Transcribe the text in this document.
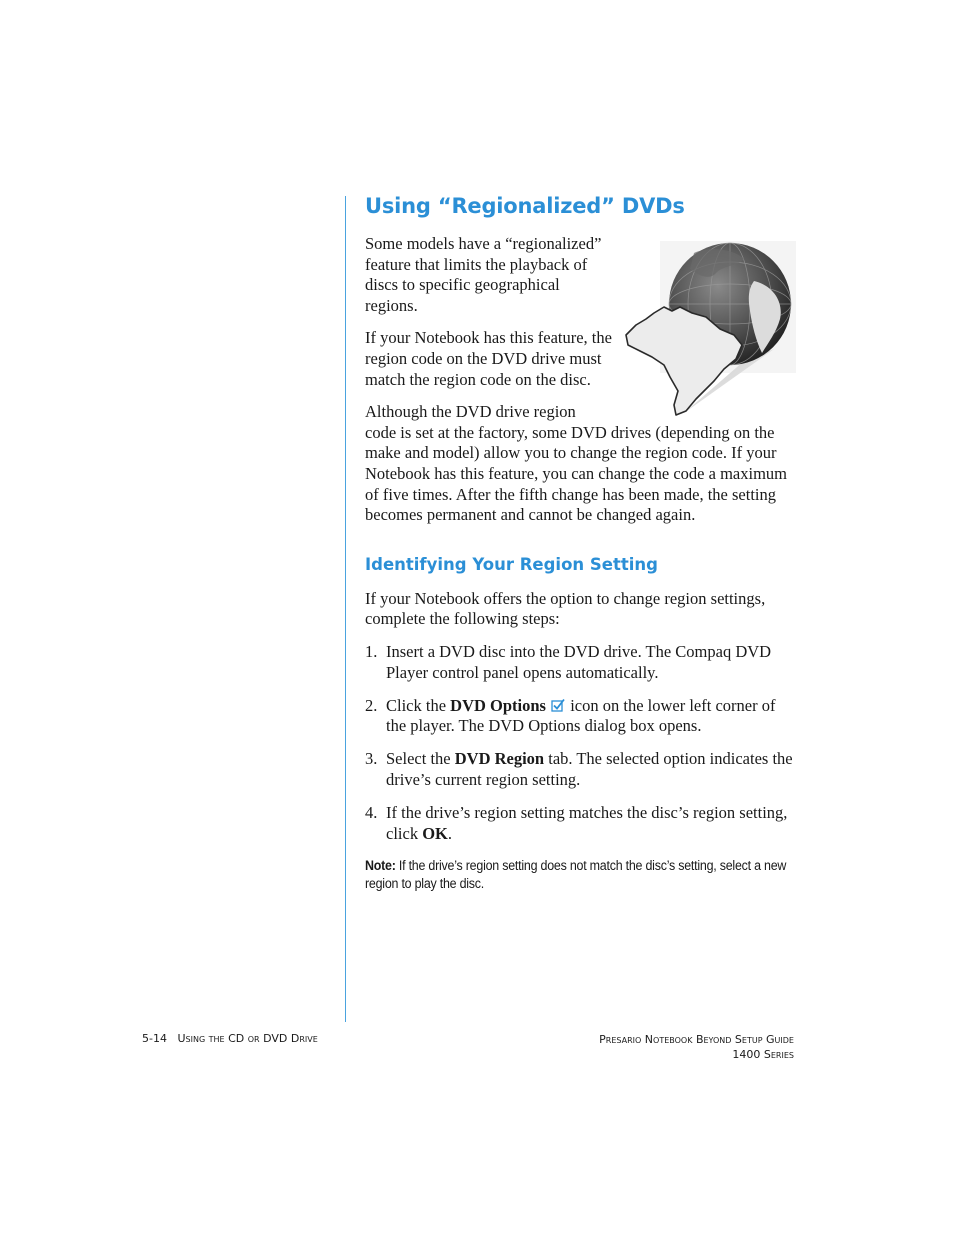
Using “Regionalized” DVDs

Some models have a “regionalized” feature that limits the playback of discs to specific geographical regions.

If your Notebook has this feature, the region code on the DVD drive must match the region code on the disc.

Although the DVD drive region
code is set at the factory, some DVD drives (depending on the make and model) allow you to change the region code. If your Notebook has this feature, you can change the code a maximum of five times. After the fifth change has been made, the setting becomes permanent and cannot be changed again.

Identifying Your Region Setting

If your Notebook offers the option to change region settings, complete the following steps:

1. Insert a DVD disc into the DVD drive. The Compaq DVD Player control panel opens automatically.
2. Click the DVD Options  icon on the lower left corner of the player. The DVD Options dialog box opens.
3. Select the DVD Region tab. The selected option indicates the drive’s current region setting.
4. If the drive’s region setting matches the disc’s region setting, click OK.

Note: If the drive’s region setting does not match the disc’s setting, select a new region to play the disc.

5-14 Using the CD or DVD Drive	Presario Notebook Beyond Setup Guide
1400 Series
